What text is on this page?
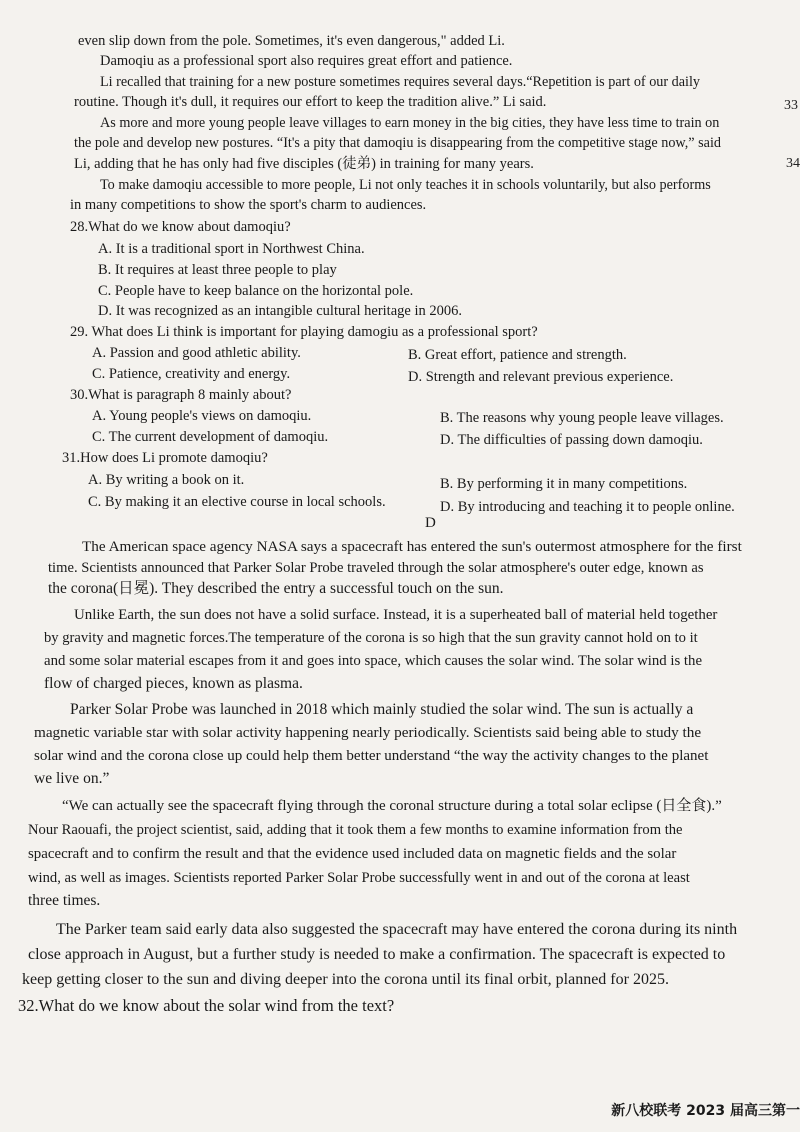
even slip down from the pole. Sometimes, it's even dangerous," added Li.
Damoqiu as a professional sport also requires great effort and patience.
Li recalled that training for a new posture sometimes requires several days.“Repetition is part of our daily
routine. Though it's dull, it requires our effort to keep the tradition alive.” Li said.
As more and more young people leave villages to earn money in the big cities, they have less time to train on
the pole and develop new postures. “It's a pity that damoqiu is disappearing from the competitive stage now,” said
Li, adding that he has only had five disciples (徒弟) in training for many years.
To make damoqiu accessible to more people, Li not only teaches it in schools voluntarily, but also performs
in many competitions to show the sport's charm to audiences.
33
34
28.What do we know about damoqiu?
A. It is a traditional sport in Northwest China.
B. It requires at least three people to play
C. People have to keep balance on the horizontal pole.
D. It was recognized as an intangible cultural heritage in 2006.
29. What does Li think is important for playing damogiu as a professional sport?
A. Passion and good athletic ability.	B. Great effort, patience and strength.
C. Patience, creativity and energy.	D. Strength and relevant previous experience.
30.What is paragraph 8 mainly about?
A. Young people's views on damoqiu.	B. The reasons why young people leave villages.
C. The current development of damoqiu.	D. The difficulties of passing down damoqiu.
31.How does Li promote damoqiu?
A. By writing a book on it.	B. By performing it in many competitions.
C. By making it an elective course in local schools.	D. By introducing and teaching it to people online.
D
The American space agency NASA says a spacecraft has entered the sun's outermost atmosphere for the first
time. Scientists announced that Parker Solar Probe traveled through the solar atmosphere's outer edge, known as
the corona(日冕). They described the entry a successful touch on the sun.
Unlike Earth, the sun does not have a solid surface. Instead, it is a superheated ball of material held together
by gravity and magnetic forces.The temperature of the corona is so high that the sun gravity cannot hold on to it
and some solar material escapes from it and goes into space, which causes the solar wind. The solar wind is the
flow of charged pieces, known as plasma.
Parker Solar Probe was launched in 2018 which mainly studied the solar wind. The sun is actually a
magnetic variable star with solar activity happening nearly periodically. Scientists said being able to study the
solar wind and the corona close up could help them better understand “the way the activity changes to the planet
we live on.”
“We can actually see the spacecraft flying through the coronal structure during a total solar eclipse (日全食).”
Nour Raouafi, the project scientist, said, adding that it took them a few months to examine information from the
spacecraft and to confirm the result and that the evidence used included data on magnetic fields and the solar
wind, as well as images. Scientists reported Parker Solar Probe successfully went in and out of the corona at least
three times.
The Parker team said early data also suggested the spacecraft may have entered the corona during its ninth
close approach in August, but a further study is needed to make a confirmation. The spacecraft is expected to
keep getting closer to the sun and diving deeper into the corona until its final orbit, planned for 2025.
32.What do we know about the solar wind from the text?
新八校联考 2023 届高三第一
